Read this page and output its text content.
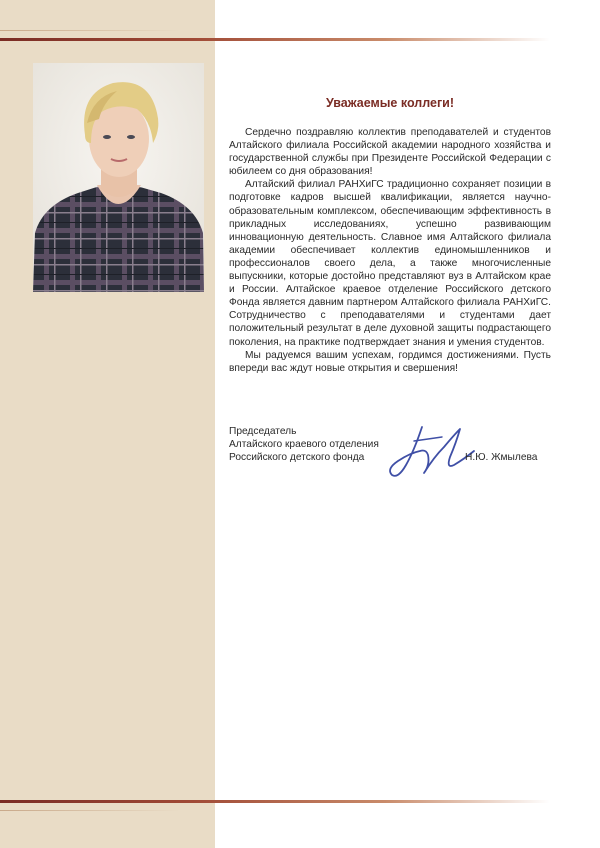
Уважаемые коллеги!

Сердечно поздравляю коллектив преподавателей и студентов Алтайского филиала Российской академии народного хозяйства и государственной службы при Президенте Российской Федерации с юбилеем со дня образования!

Алтайский филиал РАНХиГС традиционно сохраняет позиции в подготовке кадров высшей квалификации, является научно-образовательным комплексом, обеспечивающим эффективность в прикладных исследованиях, успешно развивающим инновационную деятельность. Славное имя Алтайского филиала академии обеспечивает коллектив единомышленников и профессионалов своего дела, а также многочисленные выпускники, которые достойно представляют вуз в Алтайском крае и России. Алтайское краевое отделение Российского детского Фонда является давним партнером Алтайского филиала РАНХиГС. Сотрудничество с преподавателями и студентами дает положительный результат в деле духовной защиты подрастающего поколения, на практике подтверждает знания и умения студентов.

Мы радуемся вашим успехам, гордимся достижениями. Пусть впереди вас ждут новые открытия и свершения!

Председатель
Алтайского краевого отделения
Российского детского фонда	Н.Ю. Жмылева
